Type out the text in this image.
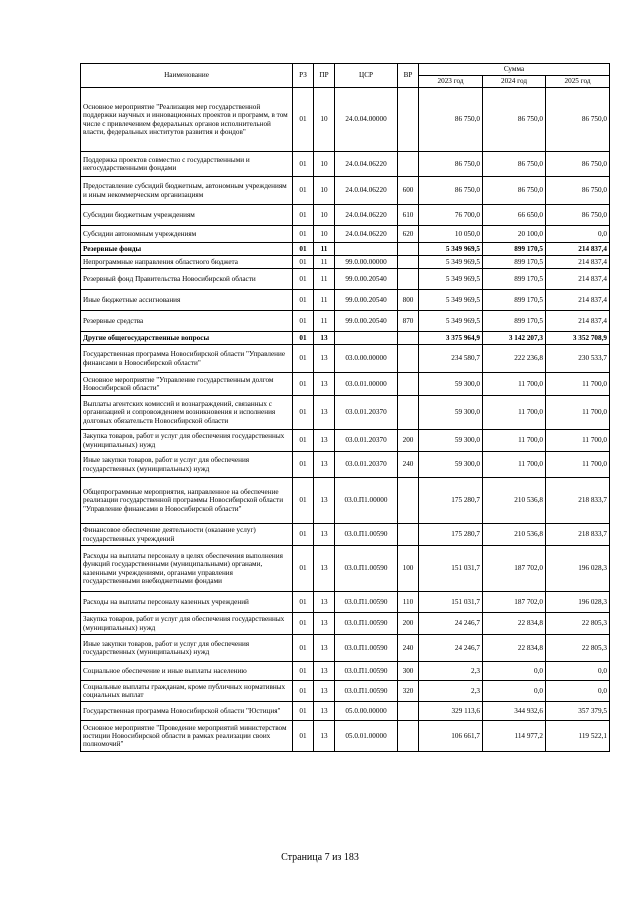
Наименование	РЗ	ПР	ЦСР	ВР	Сумма		
					2023 год	2024 год	2025 год
Основное мероприятие "Реализация мер государственной поддержки научных и инновационных проектов и программ, в том числе с привлечением федеральных органов исполнительной власти, федеральных институтов развития и фондов"	01	10	24.0.04.00000		86 750,0	86 750,0	86 750,0
Поддержка проектов совместно с государственными и негосударственными фондами	01	10	24.0.04.06220		86 750,0	86 750,0	86 750,0
Предоставление субсидий бюджетным, автономным учреждениям и иным некоммерческим организациям	01	10	24.0.04.06220	600	86 750,0	86 750,0	86 750,0
Субсидии бюджетным учреждениям	01	10	24.0.04.06220	610	76 700,0	66 650,0	86 750,0
Субсидии автономным учреждениям	01	10	24.0.04.06220	620	10 050,0	20 100,0	0,0
Резервные фонды	01	11			5 349 969,5	899 170,5	214 837,4
Непрограммные направления областного бюджета	01	11	99.0.00.00000		5 349 969,5	899 170,5	214 837,4
Резервный фонд Правительства Новосибирской области	01	11	99.0.00.20540		5 349 969,5	899 170,5	214 837,4
Иные бюджетные ассигнования	01	11	99.0.00.20540	800	5 349 969,5	899 170,5	214 837,4
Резервные средства	01	11	99.0.00.20540	870	5 349 969,5	899 170,5	214 837,4
Другие общегосударственные вопросы	01	13			3 375 964,9	3 142 207,3	3 352 708,9
Государственная программа Новосибирской области "Управление финансами в Новосибирской области"	01	13	03.0.00.00000		234 580,7	222 236,8	230 533,7
Основное мероприятие "Управление государственным долгом Новосибирской области"	01	13	03.0.01.00000		59 300,0	11 700,0	11 700,0
Выплаты агентских комиссий и вознаграждений, связанных с организацией и сопровождением возникновения и исполнения долговых обязательств Новосибирской области	01	13	03.0.01.20370		59 300,0	11 700,0	11 700,0
Закупка товаров, работ и услуг для обеспечения государственных (муниципальных) нужд	01	13	03.0.01.20370	200	59 300,0	11 700,0	11 700,0
Иные закупки товаров, работ и услуг для обеспечения государственных (муниципальных) нужд	01	13	03.0.01.20370	240	59 300,0	11 700,0	11 700,0
Общепрограммные мероприятия, направленное на обеспечение реализации государственной программы Новосибирской области "Управление финансами в Новосибирской области"	01	13	03.0.П1.00000		175 280,7	210 536,8	218 833,7
Финансовое обеспечение деятельности (оказание услуг) государственных учреждений	01	13	03.0.П1.00590		175 280,7	210 536,8	218 833,7
Расходы на выплаты персоналу в целях обеспечения выполнения функций государственными (муниципальными) органами, казенными учреждениями, органами управления государственными внебюджетными фондами	01	13	03.0.П1.00590	100	151 031,7	187 702,0	196 028,3
Расходы на выплаты персоналу казенных учреждений	01	13	03.0.П1.00590	110	151 031,7	187 702,0	196 028,3
Закупка товаров, работ и услуг для обеспечения государственных (муниципальных) нужд	01	13	03.0.П1.00590	200	24 246,7	22 834,8	22 805,3
Иные закупки товаров, работ и услуг для обеспечения государственных (муниципальных) нужд	01	13	03.0.П1.00590	240	24 246,7	22 834,8	22 805,3
Социальное обеспечение и иные выплаты населению	01	13	03.0.П1.00590	300	2,3	0,0	0,0
Социальные выплаты гражданам, кроме публичных нормативных социальных выплат	01	13	03.0.П1.00590	320	2,3	0,0	0,0
Государственная программа Новосибирской области "Юстиция"	01	13	05.0.00.00000		329 113,6	344 932,6	357 379,5
Основное мероприятие "Проведение мероприятий министерством юстиции Новосибирской области в рамках реализации своих полномочий"	01	13	05.0.01.00000		106 661,7	114 977,2	119 522,1
Страница 7 из 183
